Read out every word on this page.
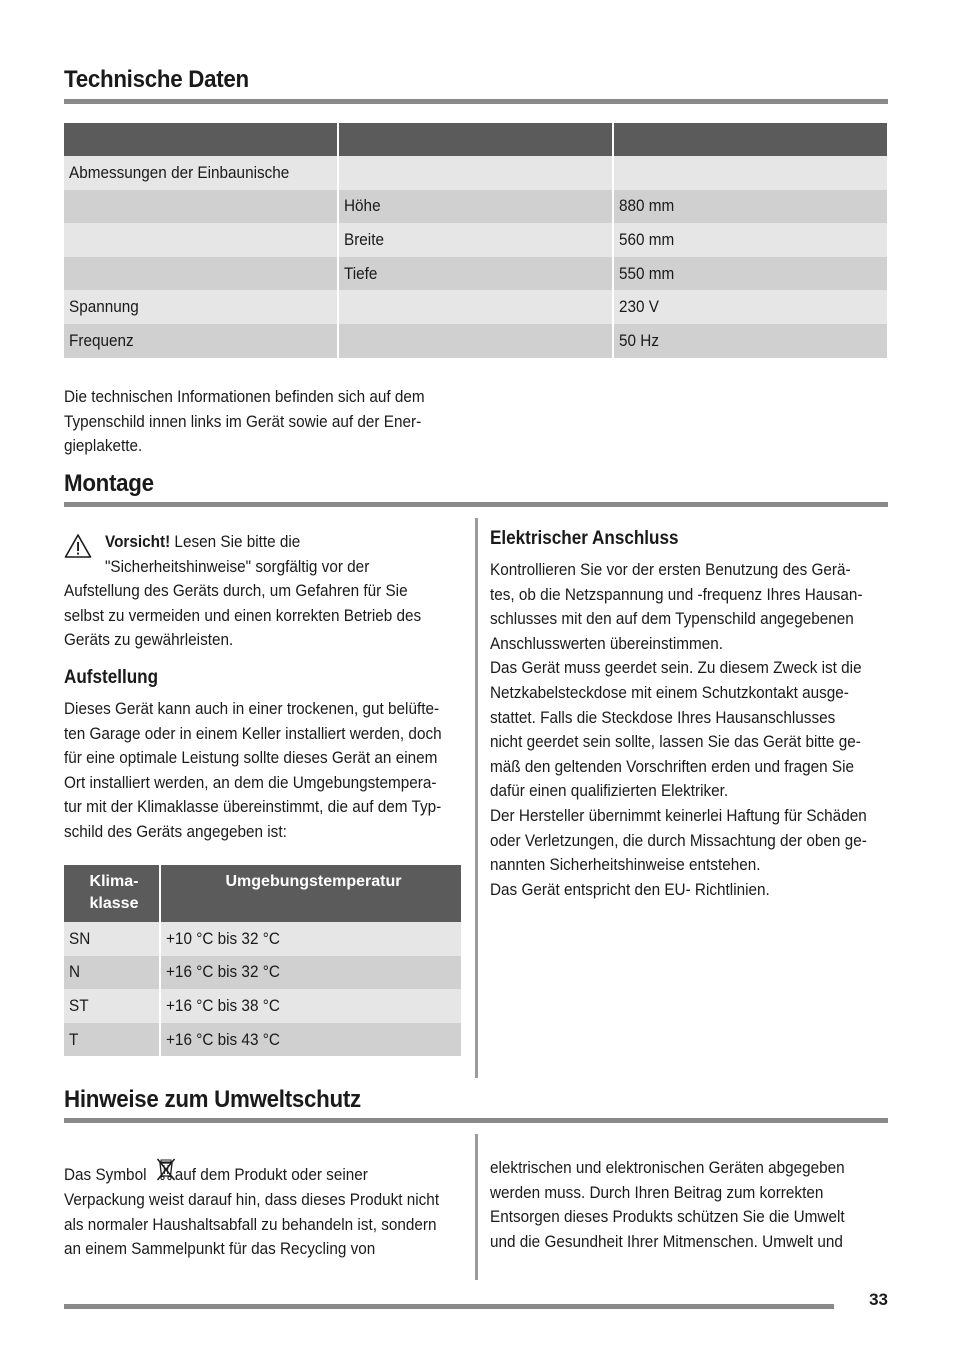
Technische Daten

Abmessungen der Einbaunische		
	Höhe	880 mm
	Breite	560 mm
	Tiefe	550 mm
Spannung		230 V
Frequenz		50 Hz
Die technischen Informationen befinden sich auf dem
Typenschild innen links im Gerät sowie auf der Ener-
gieplakette.
Montage
Vorsicht! Lesen Sie bitte die
"Sicherheitshinweise" sorgfältig vor der
Aufstellung des Geräts durch, um Gefahren für Sie
selbst zu vermeiden und einen korrekten Betrieb des
Geräts zu gewährleisten.
Aufstellung
Dieses Gerät kann auch in einer trockenen, gut belüfte-
ten Garage oder in einem Keller installiert werden, doch
für eine optimale Leistung sollte dieses Gerät an einem
Ort installiert werden, an dem die Umgebungstempera-
tur mit der Klimaklasse übereinstimmt, die auf dem Typ-
schild des Geräts angegeben ist:
Klima-
klasse	Umgebungstemperatur

SN	+10 °C bis 32 °C
N	+16 °C bis 32 °C
ST	+16 °C bis 38 °C
T	+16 °C bis 43 °C
Elektrischer Anschluss
Kontrollieren Sie vor der ersten Benutzung des Gerä-
tes, ob die Netzspannung und -frequenz Ihres Hausan-
schlusses mit den auf dem Typenschild angegebenen
Anschlusswerten übereinstimmen.
Das Gerät muss geerdet sein. Zu diesem Zweck ist die
Netzkabelsteckdose mit einem Schutzkontakt ausge-
stattet. Falls die Steckdose Ihres Hausanschlusses
nicht geerdet sein sollte, lassen Sie das Gerät bitte ge-
mäß den geltenden Vorschriften erden und fragen Sie
dafür einen qualifizierten Elektriker.
Der Hersteller übernimmt keinerlei Haftung für Schäden
oder Verletzungen, die durch Missachtung der oben ge-
nannten Sicherheitshinweise entstehen.
Das Gerät entspricht den EU- Richtlinien.
Hinweise zum Umweltschutz
Das Symbol  auf dem Produkt oder seiner
Verpackung weist darauf hin, dass dieses Produkt nicht
als normaler Haushaltsabfall zu behandeln ist, sondern
an einem Sammelpunkt für das Recycling von
elektrischen und elektronischen Geräten abgegeben
werden muss. Durch Ihren Beitrag zum korrekten
Entsorgen dieses Produkts schützen Sie die Umwelt
und die Gesundheit Ihrer Mitmenschen. Umwelt und
33
